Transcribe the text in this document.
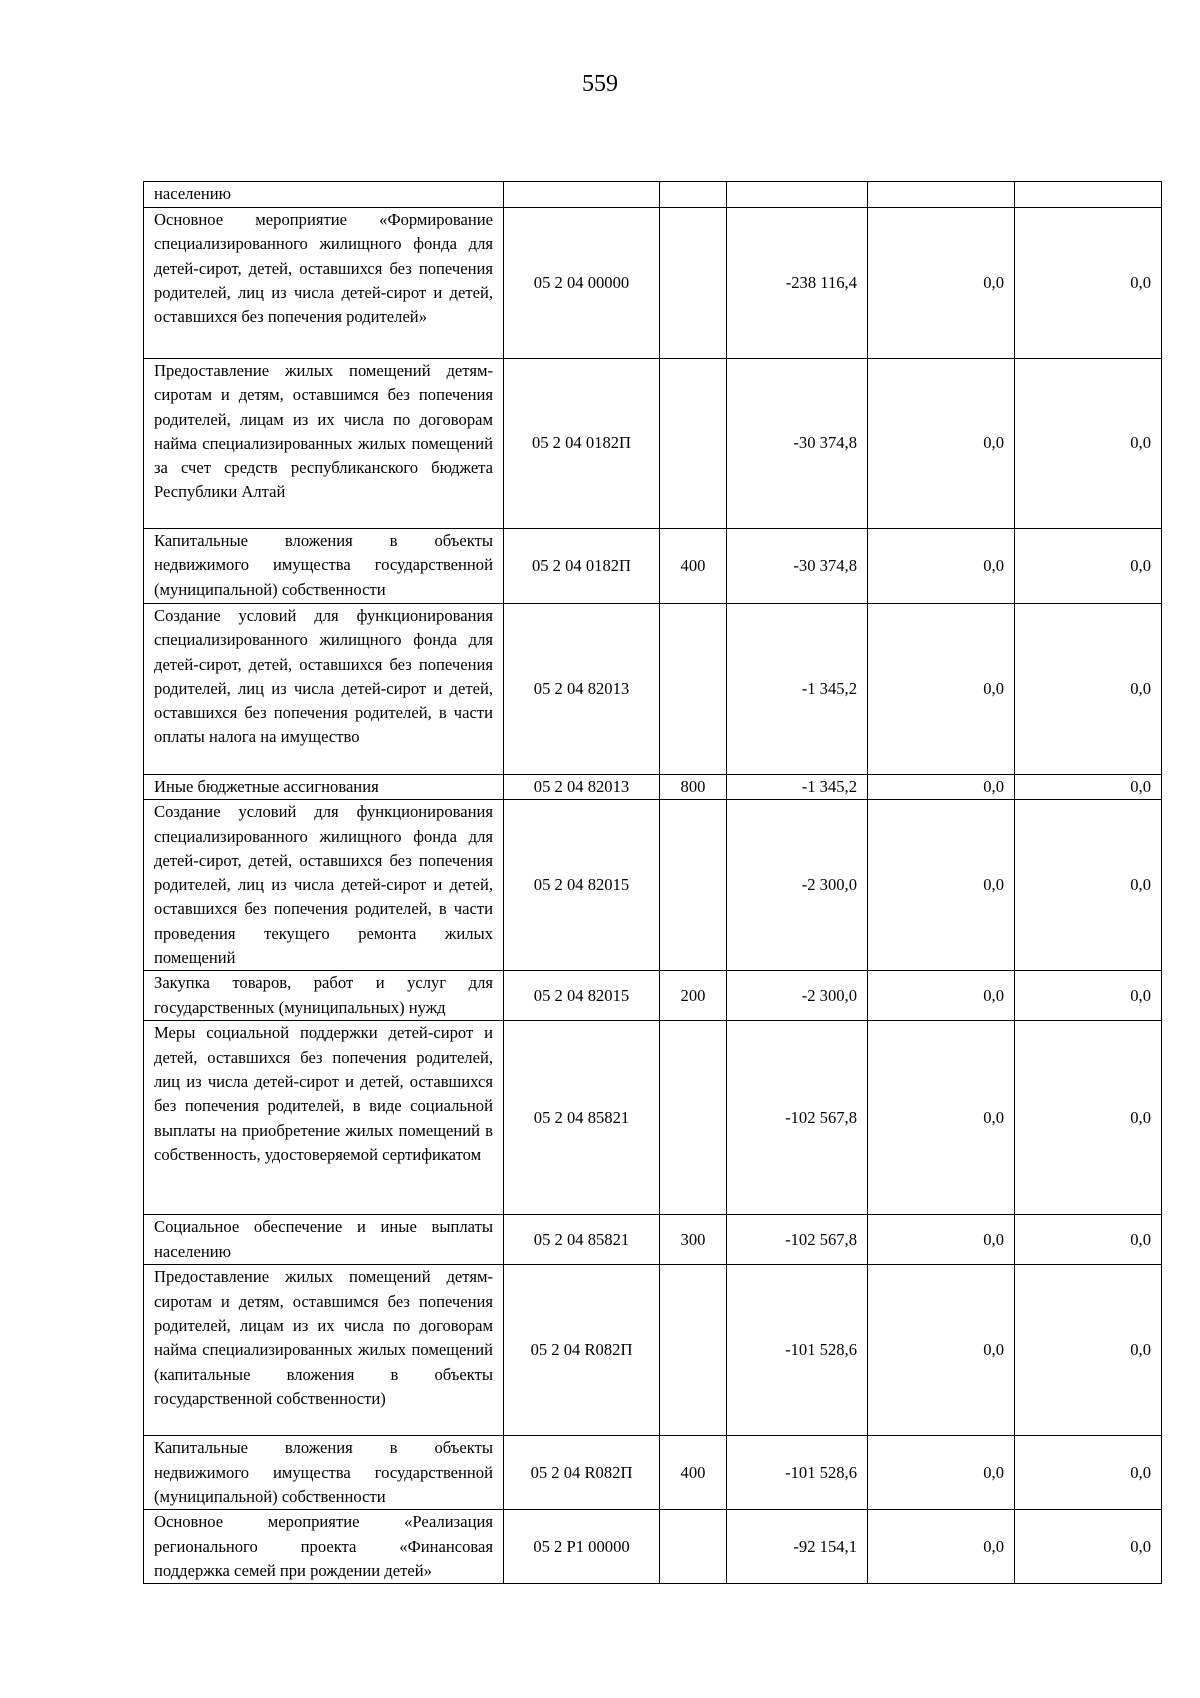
559
населению					
Основное мероприятие «Формирование специализированного жилищного фонда для детей-сирот, детей, оставшихся без попечения родителей, лиц из числа детей-сирот и детей, оставшихся без попечения родителей»	05 2 04 00000		-238 116,4	0,0	0,0
Предоставление жилых помещений детям-сиротам и детям, оставшимся без попечения родителей, лицам из их числа по договорам найма специализированных жилых помещений за счет средств республиканского бюджета Республики Алтай	05 2 04 0182П		-30 374,8	0,0	0,0
Капитальные вложения в объекты недвижимого имущества государственной (муниципальной) собственности	05 2 04 0182П	400	-30 374,8	0,0	0,0
Создание условий для функционирования специализированного жилищного фонда для детей-сирот, детей, оставшихся без попечения родителей, лиц из числа детей-сирот и детей, оставшихся без попечения родителей, в части оплаты налога на имущество	05 2 04 82013		-1 345,2	0,0	0,0
Иные бюджетные ассигнования	05 2 04 82013	800	-1 345,2	0,0	0,0
Создание условий для функционирования специализированного жилищного фонда для детей-сирот, детей, оставшихся без попечения родителей, лиц из числа детей-сирот и детей, оставшихся без попечения родителей, в части проведения текущего ремонта жилых помещений	05 2 04 82015		-2 300,0	0,0	0,0
Закупка товаров, работ и услуг для государственных (муниципальных) нужд	05 2 04 82015	200	-2 300,0	0,0	0,0
Меры социальной поддержки детей-сирот и детей, оставшихся без попечения родителей, лиц из числа детей-сирот и детей, оставшихся без попечения родителей, в виде социальной выплаты на приобретение жилых помещений в собственность, удостоверяемой сертификатом	05 2 04 85821		-102 567,8	0,0	0,0
Социальное обеспечение и иные выплаты населению	05 2 04 85821	300	-102 567,8	0,0	0,0
Предоставление жилых помещений детям-сиротам и детям, оставшимся без попечения родителей, лицам из их числа по договорам найма специализированных жилых помещений (капитальные вложения в объекты государственной собственности)	05 2 04 R082П		-101 528,6	0,0	0,0
Капитальные вложения в объекты недвижимого имущества государственной (муниципальной) собственности	05 2 04 R082П	400	-101 528,6	0,0	0,0
Основное мероприятие «Реализация регионального проекта «Финансовая поддержка семей при рождении детей»	05 2 P1 00000		-92 154,1	0,0	0,0
